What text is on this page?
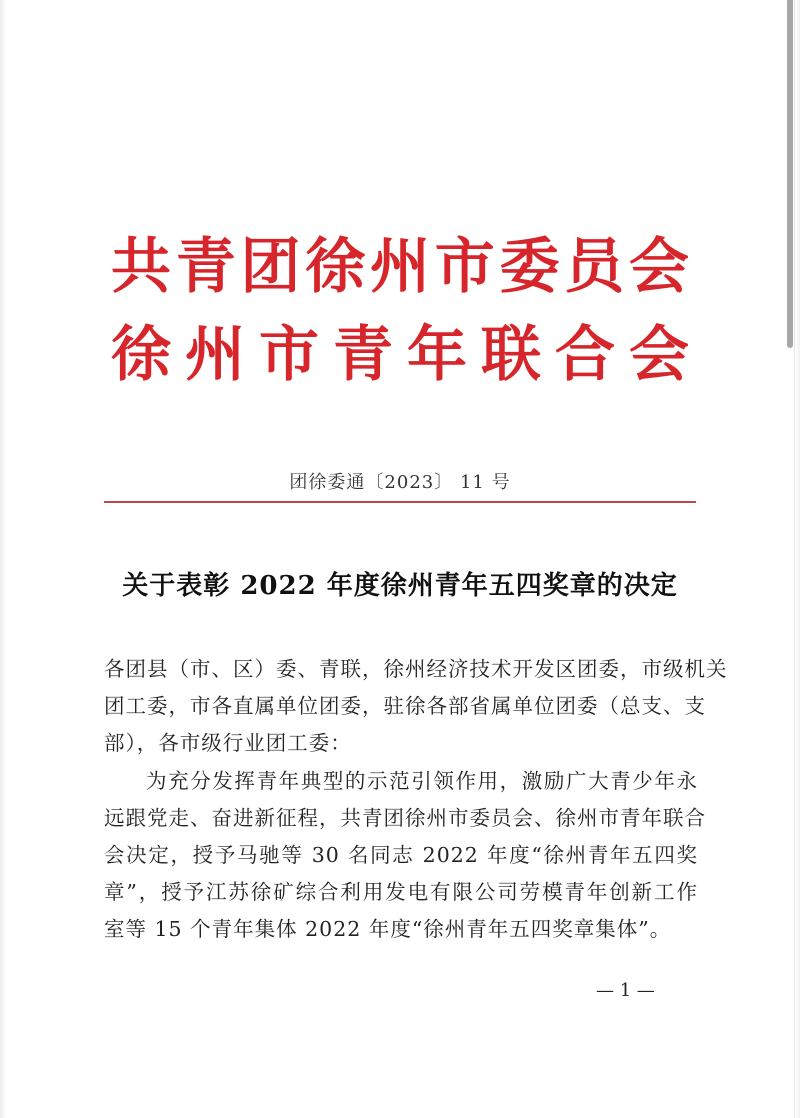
共 青 团 徐 州 市 委 员 会
徐 州 市 青 年 联 合 会
团徐委通〔2023〕 11 号
关于表彰 2022 年度徐州青年五四奖章的决定
各团县（市、区）委、青联，徐州经济技术开发区团委，市级机关
团工委，市各直属单位团委，驻徐各部省属单位团委（总支、支
部），各市级行业团工委：
为充分发挥青年典型的示范引领作用，激励广大青少年永
远跟党走、奋进新征程，共青团徐州市委员会、徐州市青年联合
会决定，授予马驰等 30 名同志 2022 年度“徐州青年五四奖
章”，授予江苏徐矿综合利用发电有限公司劳模青年创新工作
室等 15 个青年集体 2022 年度“徐州青年五四奖章集体”。
— 1 —
